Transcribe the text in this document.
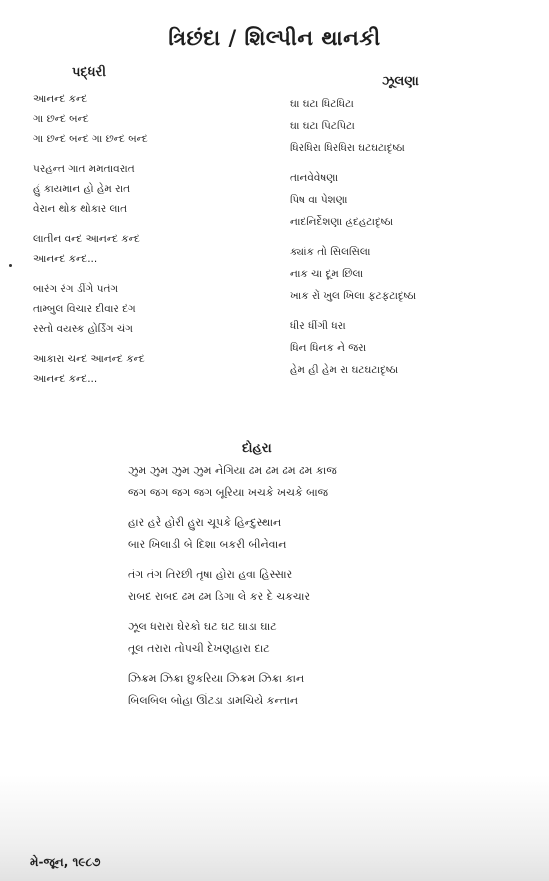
ત્રિછંદા / શિલ્પીન થાનકી
પદ્ધરી
ઝૂલણા
દોહરા
આનન્દ કન્દ
ગા છન્દ બન્દ
ગા છન્દ બન્દ ગા છન્દ બન્દ
પરહન્ત ગાત મમતાવરાત
હું કાયમાન હો હેમ રાત
વેરાન થોક થોકાર લાત
લાતીન વન્દ આનન્દ કન્દ
આનન્દ કન્દ...
બારંગ રંગ ડીંગે પતંગ
તામ્બુલ વિચાર દીવાર દંગ
રસ્તો વયસ્ક હોર્ડિંગ ચંગ
આકારા ચન્દ આનન્દ કન્દ
આનન્દ કન્દ...
ઘા ઘટા ધિટધિટા
ઘા ઘટા પિટપિટા
ધિરધિરા ધિરધિરા ઘટઘટાદૃષ્ઠા
તાનવેવેષણા
પિષ વા પેશણા
નાદનિર્દેશણા હ્રદહટાદૃષ્ઠા
ક્યાંક તો સિલસિલા
નાક ચા દૂમ છિલા
ખાક રોં ખુલ ખિલા ફટફટાદૃષ્ઠા
ધીર ધીંગી ધરા
ધિન ધિનક ને જરા
હેમ હી હેમ રા ઘટઘટાદૃષ્ઠા
ઝુમ ઝુમ ઝુમ ઝુમ નેગિયા ઢમ ઢમ ઢમ ઢમ કાજ
જગ જગ જગ જગ બૂરિયા ખચકે ખચકે બાજ
હાર હરે હોરી હુરા ચૂપકે હિન્દુસ્થાન
બાર ખિલાડી બે દિશા બકરી બીનેવાન
તંગ તંગ તિરછી તૃષા હોરા હવા હિસ્સાર
રાબદ રાબદ ઢમ ઢમ ડિગા લે કર દે ચકચાર
ઝૂલ ધરારા ઘેરકો ઘટ ઘટ ઘાડા ઘાટ
તૂલ તરારા તોપચી દેખણહારા દાટ
ઝિક્રમ ઝિક્રા છુકરિયા ઝિક્રમ ઝિક્રા કાન
બિલબિલ બોહા ઊંટડા ડામચિયે કન્તાન
મે-જૂન, ૧૯૮૭
